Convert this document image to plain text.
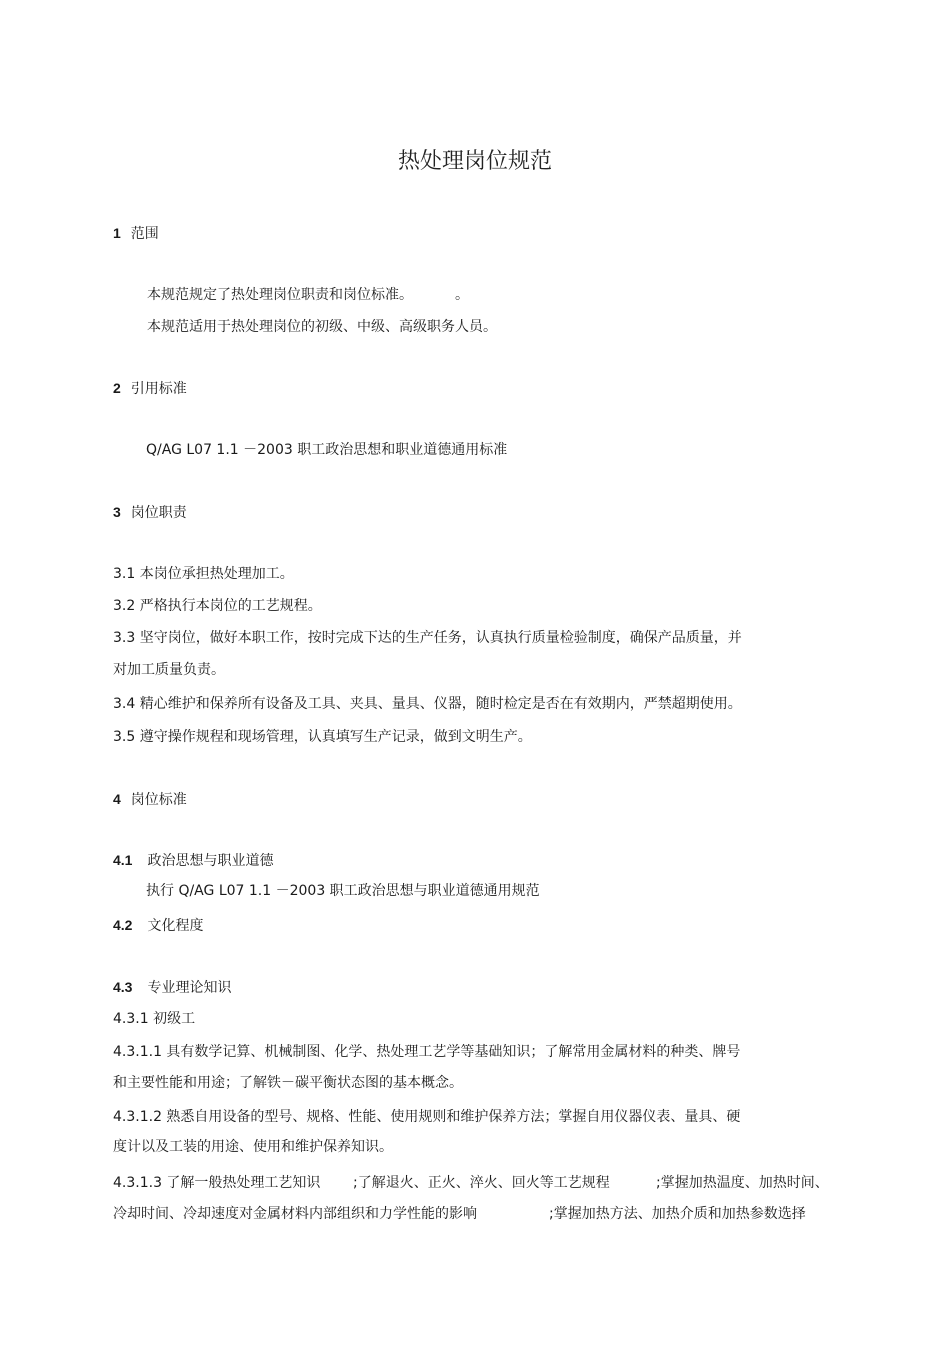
热处理岗位规范
1 范围
本规范规定了热处理岗位职责和岗位标准。	。
本规范适用于热处理岗位的初级、中级、高级职务人员。
2 引用标准
Q/AG L07 1.1 －2003 职工政治思想和职业道德通用标准
3 岗位职责
3.1 本岗位承担热处理加工。
3.2 严格执行本岗位的工艺规程。
3.3 坚守岗位，做好本职工作，按时完成下达的生产任务，认真执行质量检验制度，确保产品质量，并
对加工质量负责。
3.4 精心维护和保养所有设备及工具、夹具、量具、仪器，随时检定是否在有效期内，严禁超期使用。
3.5 遵守操作规程和现场管理，认真填写生产记录，做到文明生产。
4 岗位标准
4.1 政治思想与职业道德
执行 Q/AG L07 1.1 －2003 职工政治思想与职业道德通用规范
4.2 文化程度
4.3 专业理论知识
4.3.1 初级工
4.3.1.1 具有数学记算、机械制图、化学、热处理工艺学等基础知识；了解常用金属材料的种类、牌号
和主要性能和用途；了解铁－碳平衡状态图的基本概念。
4.3.1.2 熟悉自用设备的型号、规格、性能、使用规则和维护保养方法；掌握自用仪器仪表、量具、硬
度计以及工装的用途、使用和维护保养知识。
4.3.1.3 了解一般热处理工艺知识 ;了解退火、正火、淬火、回火等工艺规程	;掌握加热温度、加热时间、
冷却时间、冷却速度对金属材料内部组织和力学性能的影响	;掌握加热方法、加热介质和加热参数选择
